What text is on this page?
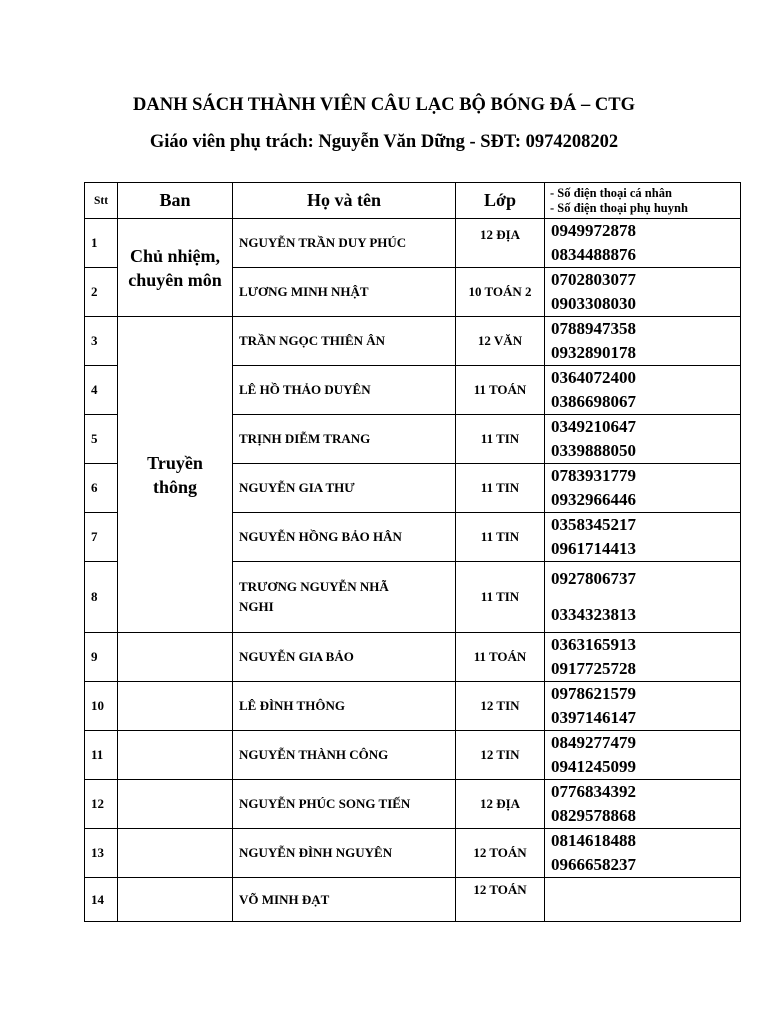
DANH SÁCH THÀNH VIÊN CÂU LẠC BỘ BÓNG ĐÁ – CTG
Giáo viên phụ trách: Nguyễn Văn Dững - SĐT: 0974208202
Stt	Ban	Họ và tên	Lớp	- Số điện thoại cá nhân
- Số điện thoại phụ huynh

1	Chủ nhiệm, chuyên môn	NGUYỄN TRẦN DUY PHÚC	12 ĐỊA	0949972878
0834488876

2		LƯƠNG MINH NHẬT	10 TOÁN 2	0702803077
0903308030

3	Truyền thông	TRẦN NGỌC THIÊN ÂN	12 VĂN	0788947358
0932890178

4		LÊ HỒ THẢO DUYÊN	11 TOÁN	0364072400
0386698067

5		TRỊNH DIỄM TRANG	11 TIN	0349210647
0339888050

6		NGUYỄN GIA THƯ	11 TIN	0783931779
0932966446

7		NGUYỄN HỒNG BẢO HÂN	11 TIN	0358345217
0961714413

8		TRƯƠNG NGUYỄN NHÃ NGHI	11 TIN	0927806737
0334323813

9		NGUYỄN GIA BẢO	11 TOÁN	0363165913
0917725728

10		LÊ ĐÌNH THÔNG	12 TIN	0978621579
0397146147

11		NGUYỄN THÀNH CÔNG	12 TIN	0849277479
0941245099

12		NGUYỄN PHÚC SONG TIẾN	12 ĐỊA	0776834392
0829578868

13		NGUYỄN ĐÌNH NGUYÊN	12 TOÁN	0814618488
0966658237

14		VÕ MINH ĐẠT	12 TOÁN	
